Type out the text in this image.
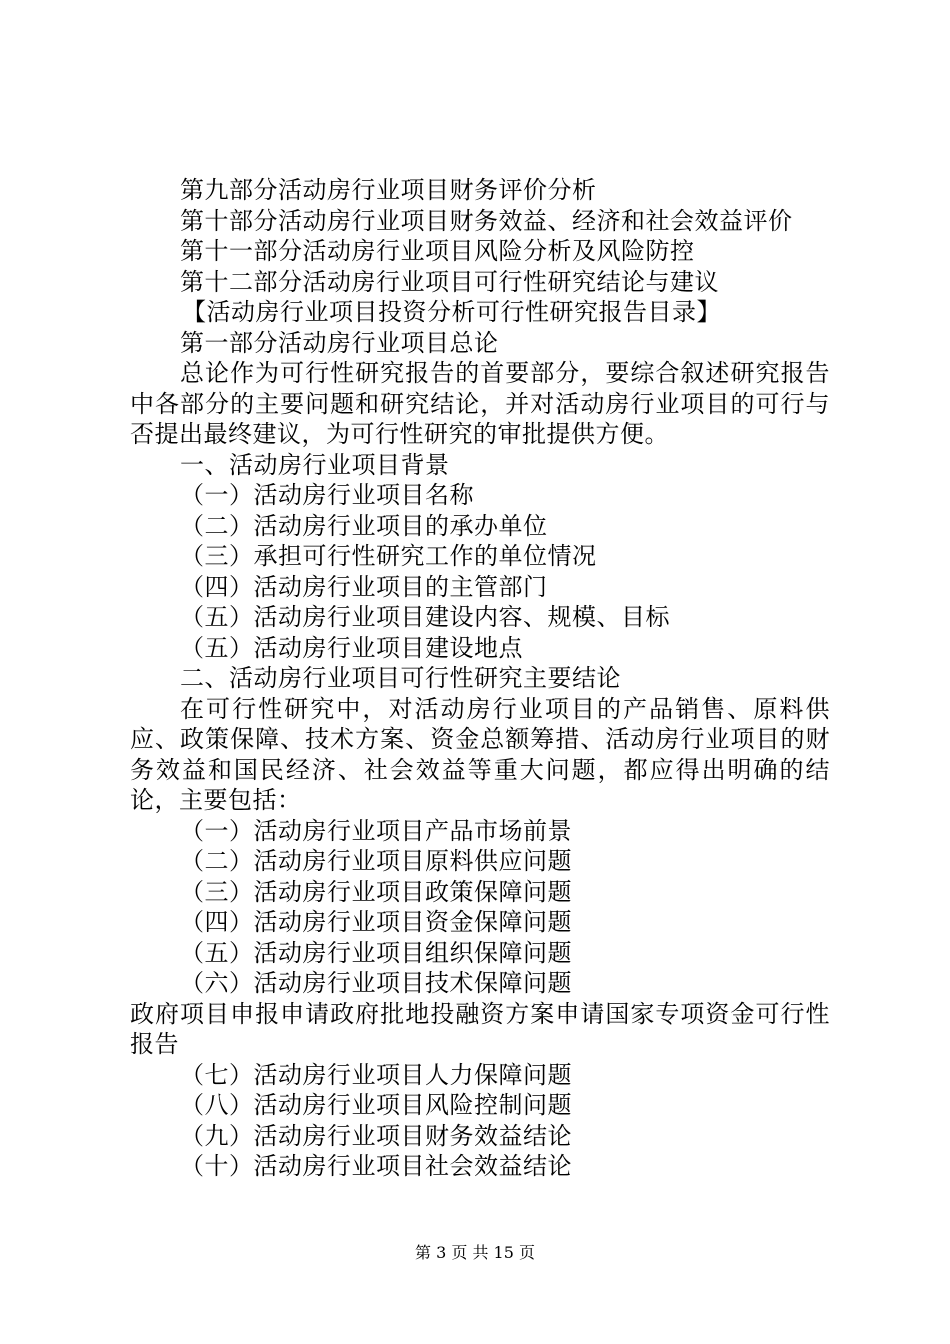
第九部分活动房行业项目财务评价分析
第十部分活动房行业项目财务效益、经济和社会效益评价
第十一部分活动房行业项目风险分析及风险防控
第十二部分活动房行业项目可行性研究结论与建议
【活动房行业项目投资分析可行性研究报告目录】
第一部分活动房行业项目总论
总论作为可行性研究报告的首要部分，要综合叙述研究报告中各部分的主要问题和研究结论，并对活动房行业项目的可行与否提出最终建议，为可行性研究的审批提供方便。
一、活动房行业项目背景
（一）活动房行业项目名称
（二）活动房行业项目的承办单位
（三）承担可行性研究工作的单位情况
（四）活动房行业项目的主管部门
（五）活动房行业项目建设内容、规模、目标
（五）活动房行业项目建设地点
二、活动房行业项目可行性研究主要结论
在可行性研究中，对活动房行业项目的产品销售、原料供应、政策保障、技术方案、资金总额筹措、活动房行业项目的财务效益和国民经济、社会效益等重大问题，都应得出明确的结论，主要包括：
（一）活动房行业项目产品市场前景
（二）活动房行业项目原料供应问题
（三）活动房行业项目政策保障问题
（四）活动房行业项目资金保障问题
（五）活动房行业项目组织保障问题
（六）活动房行业项目技术保障问题
政府项目申报申请政府批地投融资方案申请国家专项资金可行性报告
（七）活动房行业项目人力保障问题
（八）活动房行业项目风险控制问题
（九）活动房行业项目财务效益结论
（十）活动房行业项目社会效益结论
第 3 页 共 15 页
